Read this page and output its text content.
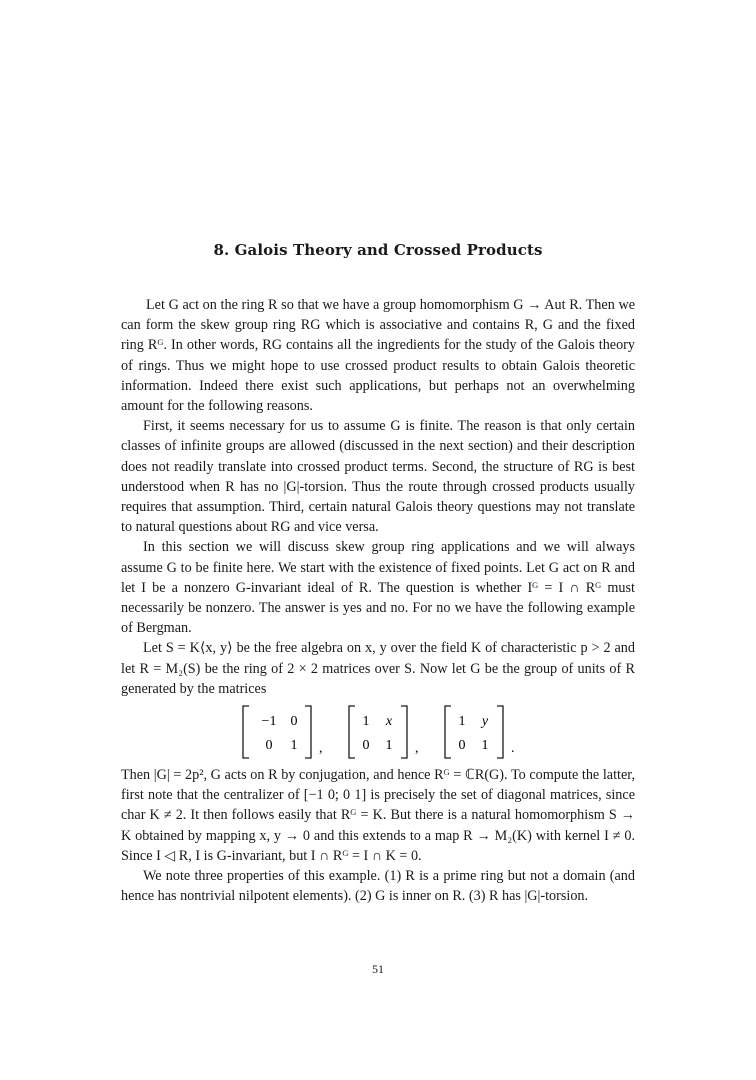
8. Galois Theory and Crossed Products

Let G act on the ring R so that we have a group homomorphism G → Aut R. Then we can form the skew group ring RG which is associative and contains R, G and the fixed ring Rᴳ. In other words, RG contains all the ingredients for the study of the Galois theory of rings. Thus we might hope to use crossed product results to obtain Galois theoretic information. Indeed there exist such applications, but perhaps not an overwhelming amount for the following reasons.

First, it seems necessary for us to assume G is finite. The reason is that only certain classes of infinite groups are allowed (discussed in the next section) and their description does not readily translate into crossed product terms. Second, the structure of RG is best understood when R has no |G|-torsion. Thus the route through crossed products usually requires that assumption. Third, certain natural Galois theory questions may not translate to natural questions about RG and vice versa.

In this section we will discuss skew group ring applications and we will always assume G to be finite here. We start with the existence of fixed points. Let G act on R and let I be a nonzero G-invariant ideal of R. The question is whether Iᴳ = I ∩ Rᴳ must necessarily be nonzero. The answer is yes and no. For no we have the following example of Bergman.

Let S = K⟨x, y⟩ be the free algebra on x, y over the field K of characteristic p > 2 and let R = M₂(S) be the ring of 2 × 2 matrices over S. Now let G be the group of units of R generated by the matrices

−1 0
0 1 ,
1 x
0 1 ,
1 y
0 1 .

Then |G| = 2p², G acts on R by conjugation, and hence Rᴳ = ℂR(G). To compute the latter, first note that the centralizer of [−1 0; 0 1] is precisely the set of diagonal matrices, since char K ≠ 2. It then follows easily that Rᴳ = K. But there is a natural homomorphism S → K obtained by mapping x, y → 0 and this extends to a map R → M₂(K) with kernel I ≠ 0. Since I ◁ R, I is G-invariant, but I ∩ Rᴳ = I ∩ K = 0.

We note three properties of this example. (1) R is a prime ring but not a domain (and hence has nontrivial nilpotent elements). (2) G is inner on R. (3) R has |G|-torsion.

51
